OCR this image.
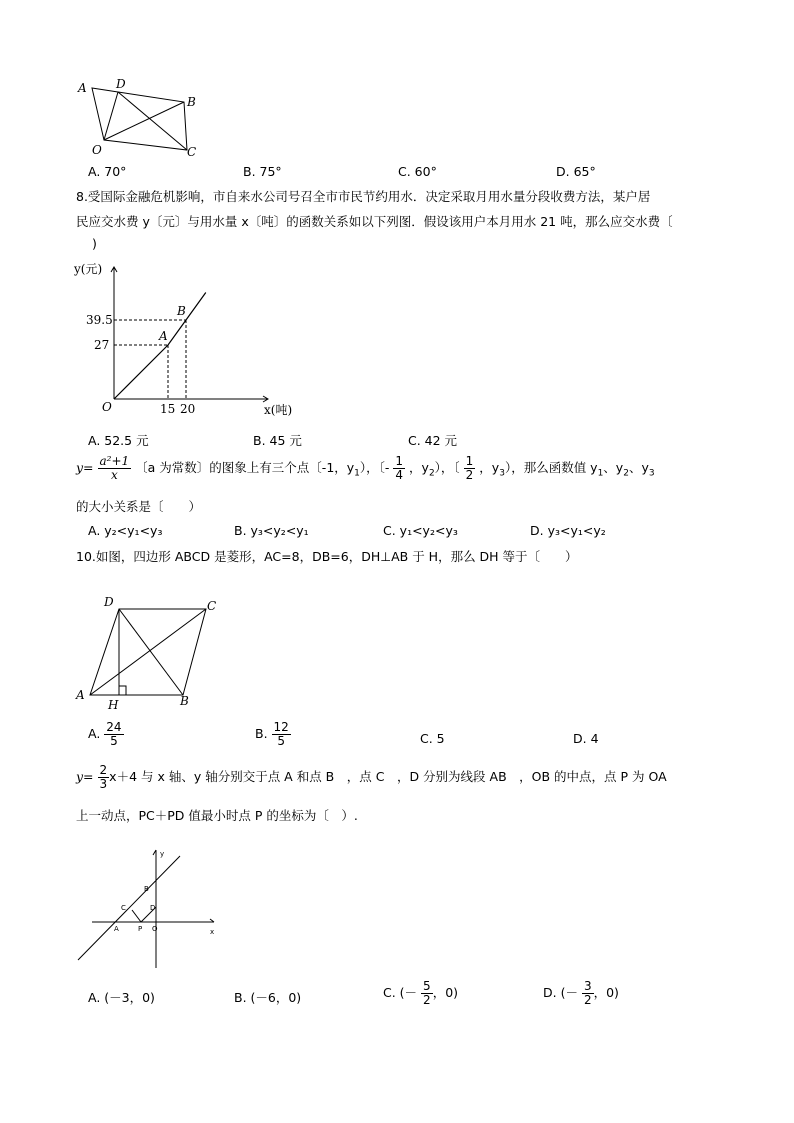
A D
B
O	C
A. 70°	B. 75°	C. 60°	D. 65°
8.受国际金融危机影响，市自来水公司号召全市市民节约用水．决定采取月用水量分段收费方法，某户居
民应交水费 y〔元〕与用水量 x〔吨〕的函数关系如以下列图．假设该用户本月用水 21 吨，那么应交水费〔
)
A
B
39.5
27
15 20
y(元)
x(吨)
O
A. 52.5 元	B. 45 元	C. 42 元
$y= \frac{\text{a²+1}}{x}$ 〔a 为常数〕的图象上有三个点〔-1，$y_1$），〔- $\frac{1}{4}$ ，$y_2$），〔 $\frac{1}{2}$ ，$y_3$），那么函数值 $y_1$、$y_2$、$y_3$
的大小关系是〔　　）
A. y₂<y₁<y₃	B. y₃<y₂<y₁	C. y₁<y₂<y₃	D. y₃<y₁<y₂
10.如图，四边形 ABCD 是菱形，AC=8，DB=6，DH⊥AB 于 H，那么 DH 等于〔　　）
D	C
A
H	B
A. $\frac{24}{5}$	B. $\frac{12}{5}$	C. 5	D. 4
$y= \frac{2}{3} x+4$ 与 x 轴、y 轴分别交于点 A 和点 B　，点 C　，D 分别为线段 AB　，OB 的中点，点 P 为 OA
上一动点，PC＋PD 值最小时点 P 的坐标为〔　）.
y
B
C	D
A	P O	x
A. (－3，0)	B. (－6，0)	C. (－ $\frac{5}{2}$ ，0)	D. (－ $\frac{3}{2}$ ，0)
